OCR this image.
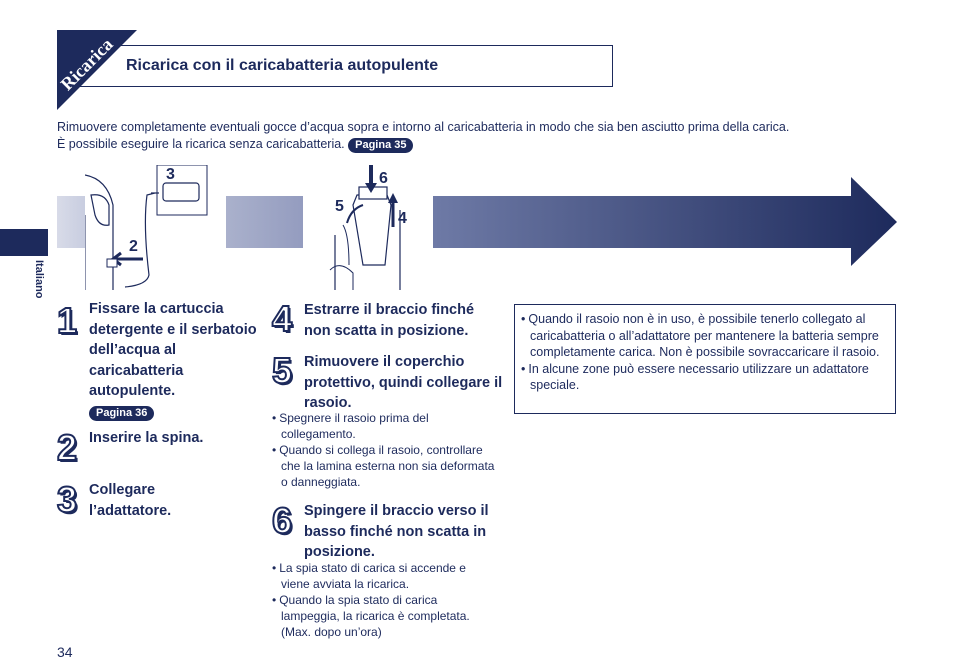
Ricarica Ricarica con il caricabatteria autopulente
Rimuovere completamente eventuali gocce d’acqua sopra e intorno al caricabatteria in modo che sia ben asciutto prima della carica.
È possibile eseguire la ricarica senza caricabatteria. Pagina 35
Italiano
3
2
6
5
4
1 Fissare la cartuccia detergente e il serbatoio dell’acqua al caricabatteria autopulente.
Pagina 36
2 Inserire la spina.
3 Collegare l’adattatore.
4 Estrarre il braccio finché non scatta in posizione.
5 Rimuovere il coperchio protettivo, quindi collegare il rasoio.
• Spegnere il rasoio prima del collegamento.
• Quando si collega il rasoio, controllare che la lamina esterna non sia deformata o danneggiata.
6 Spingere il braccio verso il basso finché non scatta in posizione.
• La spia stato di carica si accende e viene avviata la ricarica.
• Quando la spia stato di carica lampeggia, la ricarica è completata. (Max. dopo un’ora)
• Quando il rasoio non è in uso, è possibile tenerlo collegato al caricabatteria o all’adattatore per mantenere la batteria sempre completamente carica. Non è possibile sovraccaricare il rasoio.
• In alcune zone può essere necessario utilizzare un adattatore speciale.
34
